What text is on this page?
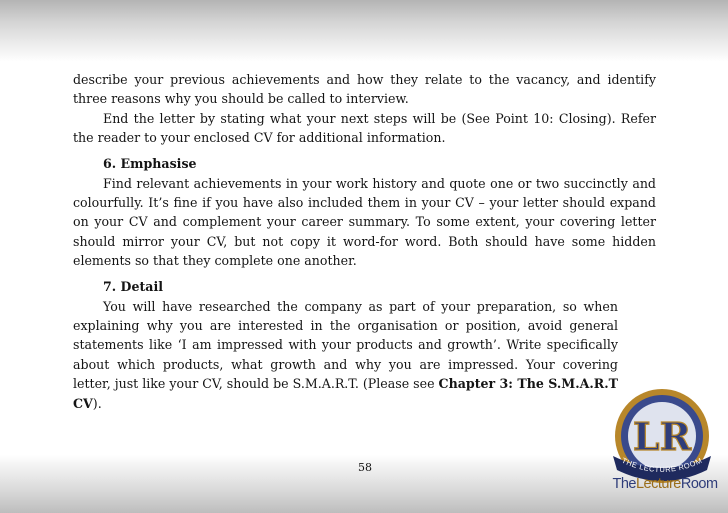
describe your previous achievements and how they relate to the vacancy, and identify three reasons why you should be called to interview.

End the letter by stating what your next steps will be (See Point 10: Closing). Refer the reader to your enclosed CV for additional information.

6. Emphasise

Find relevant achievements in your work history and quote one or two succinctly and colourfully. It’s fine if you have also included them in your CV – your letter should expand on your CV and complement your career summary. To some extent, your covering letter should mirror your CV, but not copy it word-for word. Both should have some hidden elements so that they complete one another.

7. Detail

You will have researched the company as part of your preparation, so when explaining why you are interested in the organisation or position, avoid general statements like ‘I am impressed with your products and growth’. Write specifically about which products, what growth and why you are impressed. Your covering letter, just like your CV, should be S.M.A.R.T. (Please see Chapter 3: The S.M.A.R.T CV).

58
LR
THE LECTURE ROOM
TheLectureRoom
